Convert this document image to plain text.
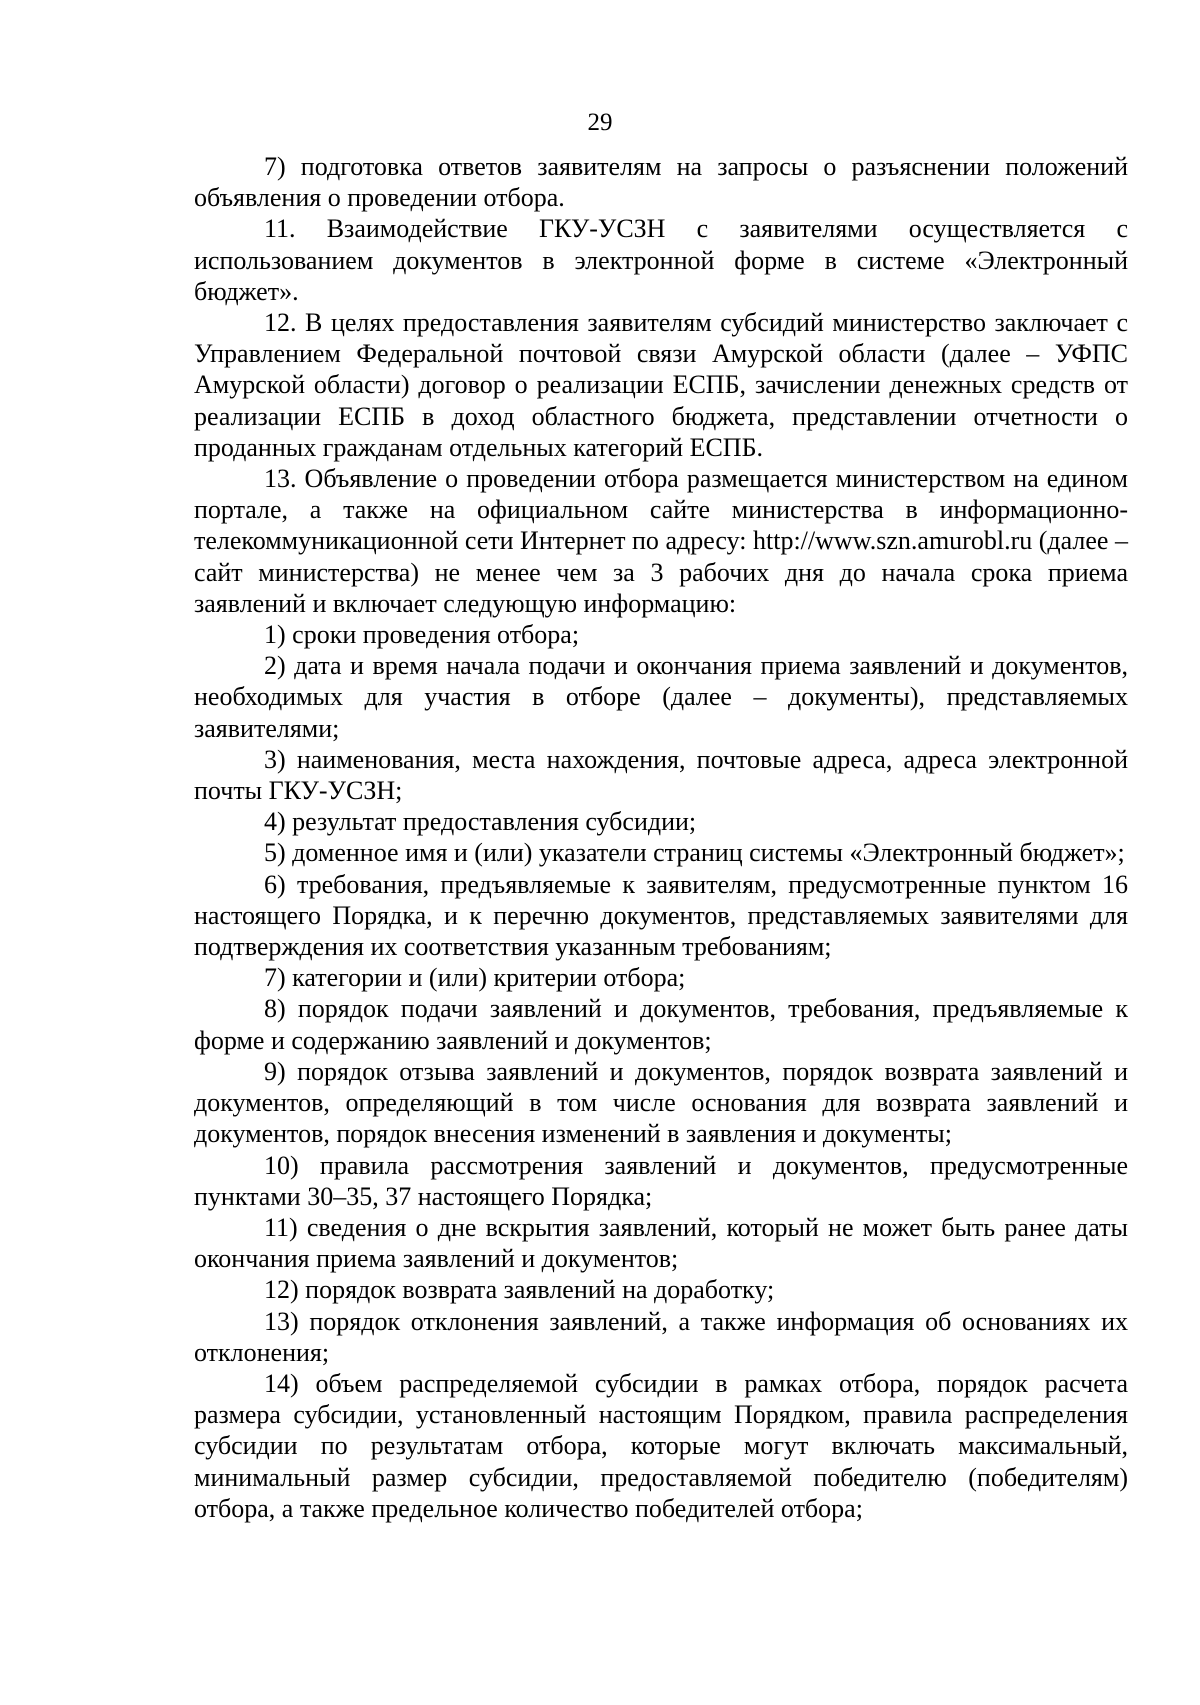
29

7) подготовка ответов заявителям на запросы о разъяснении положений объявления о проведении отбора.

11. Взаимодействие ГКУ-УСЗН с заявителями осуществляется с использованием документов в электронной форме в системе «Электронный бюджет».

12. В целях предоставления заявителям субсидий министерство заключает с Управлением Федеральной почтовой связи Амурской области (далее – УФПС Амурской области) договор о реализации ЕСПБ, зачислении денежных средств от реализации ЕСПБ в доход областного бюджета, представлении отчетности о проданных гражданам отдельных категорий ЕСПБ.

13. Объявление о проведении отбора размещается министерством на едином портале, а также на официальном сайте министерства в информационно-телекоммуникационной сети Интернет по адресу: http://www.szn.amurobl.ru (далее – сайт министерства) не менее чем за 3 рабочих дня до начала срока приема заявлений и включает следующую информацию:

1) сроки проведения отбора;

2) дата и время начала подачи и окончания приема заявлений и документов, необходимых для участия в отборе (далее – документы), представляемых заявителями;

3) наименования, места нахождения, почтовые адреса, адреса электронной почты ГКУ-УСЗН;

4) результат предоставления субсидии;

5) доменное имя и (или) указатели страниц системы «Электронный бюджет»;

6) требования, предъявляемые к заявителям, предусмотренные пунктом 16 настоящего Порядка, и к перечню документов, представляемых заявителями для подтверждения их соответствия указанным требованиям;

7) категории и (или) критерии отбора;

8) порядок подачи заявлений и документов, требования, предъявляемые к форме и содержанию заявлений и документов;

9) порядок отзыва заявлений и документов, порядок возврата заявлений и документов, определяющий в том числе основания для возврата заявлений и документов, порядок внесения изменений в заявления и документы;

10) правила рассмотрения заявлений и документов, предусмотренные пунктами 30–35, 37 настоящего Порядка;

11) сведения о дне вскрытия заявлений, который не может быть ранее даты окончания приема заявлений и документов;

12) порядок возврата заявлений на доработку;

13) порядок отклонения заявлений, а также информация об основаниях их отклонения;

14) объем распределяемой субсидии в рамках отбора, порядок расчета размера субсидии, установленный настоящим Порядком, правила распределения субсидии по результатам отбора, которые могут включать максимальный, минимальный размер субсидии, предоставляемой победителю (победителям) отбора, а также предельное количество победителей отбора;
